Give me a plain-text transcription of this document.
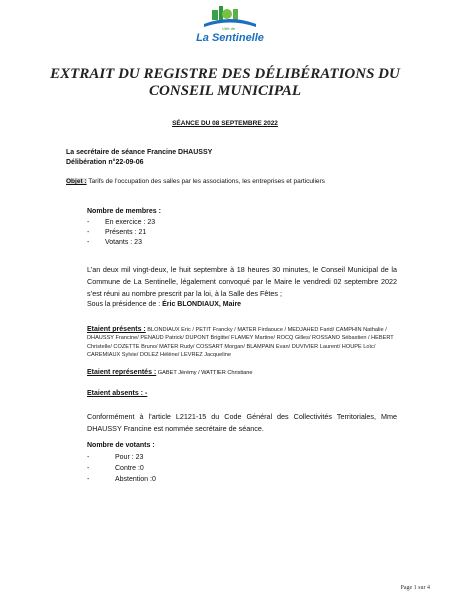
Ville de
La Sentinelle
EXTRAIT DU REGISTRE DES DÉLIBÉRATIONS DU
CONSEIL MUNICIPAL
SÉANCE DU 08 SEPTEMBRE 2022
La secrétaire de séance Francine DHAUSSY
Délibération n°22-09-06
Objet : Tarifs de l’occupation des salles par les associations, les entreprises et particuliers
Nombre de membres :
-	En exercice : 23
-	Présents : 21
-	Votants : 23
L’an deux mil vingt-deux, le huit septembre à 18 heures 30 minutes, le Conseil Municipal de la Commune de La Sentinelle, légalement convoqué par le Maire le vendredi 02 septembre 2022 s’est réuni au nombre prescrit par la loi, à la Salle des Fêtes ;
Sous la présidence de : Éric BLONDIAUX, Maire
Etaient présents : BLONDIAUX Eric / PETIT Francky / MATER Firdaouce / MEDJAHED Farid/ CAMPHIN Nathalie / DHAUSSY Francine/ PENAUD Patrick/ DUPONT Brigitte/ FLAMEY Martine/ ROCQ Gilles/ ROSSANO Sébastien / HEBERT Christelle/ COZETTE Bruno/ MATER Rudy/ COSSART Morgan/ BLAMPAIN Evan/ DUVIVIER Laurent/ HOUPE Loïc/ CAREMIAUX Sylvie/ DOLEZ Hélène/ LEVREZ Jacqueline
Etaient représentés : GABET Jérémy / WATTIER Christiane
Etaient absents : -
Conformément à l’article L2121-15 du Code Général des Collectivités Territoriales, Mme DHAUSSY Francine est nommée secrétaire de séance.
Nombre de votants :
-	Pour : 23
-	Contre :0
-	Abstention :0
Page 1 sur 4
